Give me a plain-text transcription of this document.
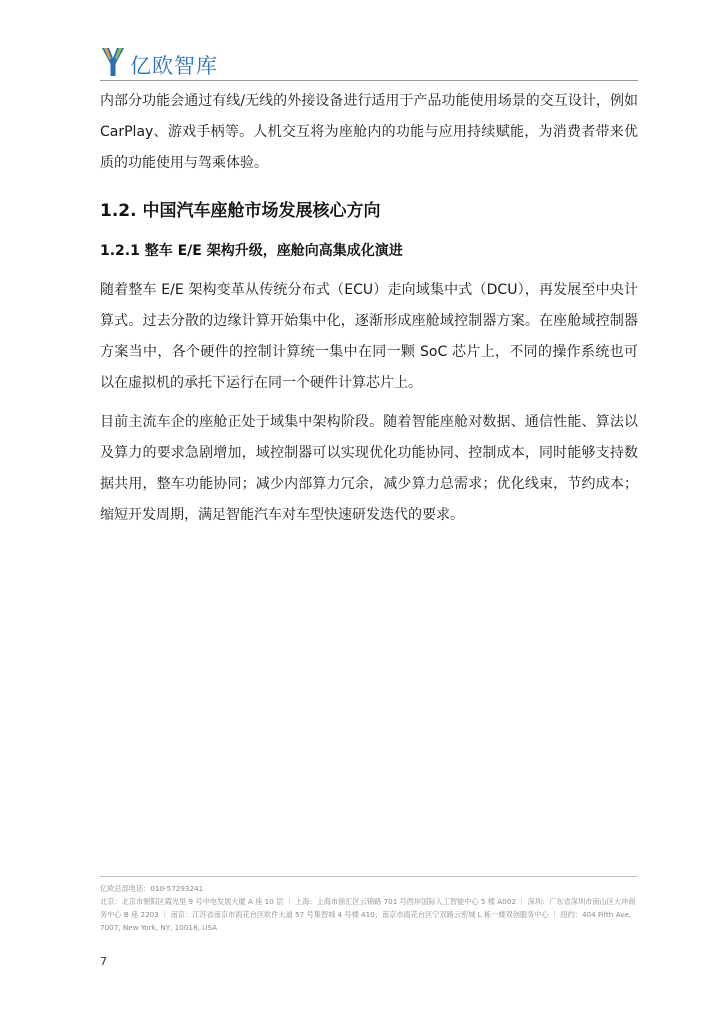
亿欧智库

内部分功能会通过有线/无线的外接设备进行适用于产品功能使用场景的交互设计，例如CarPlay、游戏手柄等。人机交互将为座舱内的功能与应用持续赋能，为消费者带来优质的功能使用与驾乘体验。

1.2. 中国汽车座舱市场发展核心方向
1.2.1 整车 E/E 架构升级，座舱向高集成化演进

随着整车 E/E 架构变革从传统分布式（ECU）走向域集中式（DCU），再发展至中央计算式。过去分散的边缘计算开始集中化，逐渐形成座舱域控制器方案。在座舱域控制器方案当中，各个硬件的控制计算统一集中在同一颗 SoC 芯片上，不同的操作系统也可以在虚拟机的承托下运行在同一个硬件计算芯片上。

目前主流车企的座舱正处于域集中架构阶段。随着智能座舱对数据、通信性能、算法以及算力的要求急剧增加，域控制器可以实现优化功能协同、控制成本，同时能够支持数据共用，整车功能协同；减少内部算力冗余，减少算力总需求；优化线束，节约成本；缩短开发周期，满足智能汽车对车型快速研发迭代的要求。

亿欧总部电话：010-57293241
北京：北京市朝阳区霞光里 9 号中电发展大厦 A 座 10 层 ｜ 上海：上海市徐汇区云锦路 701 号西岸国际人工智能中心 5 楼 A002 ｜ 深圳：广东省深圳市南山区大冲商务中心 B 座 2203 ｜ 南京：江苏省南京市雨花台区软件大道 57 号集智城 4 号楼 410；南京市雨花台区宁双路云密城 L 栋一楼双创服务中心 ｜ 纽约：404 Fifth Ave, 7007, New York, NY, 10018, USA
7
